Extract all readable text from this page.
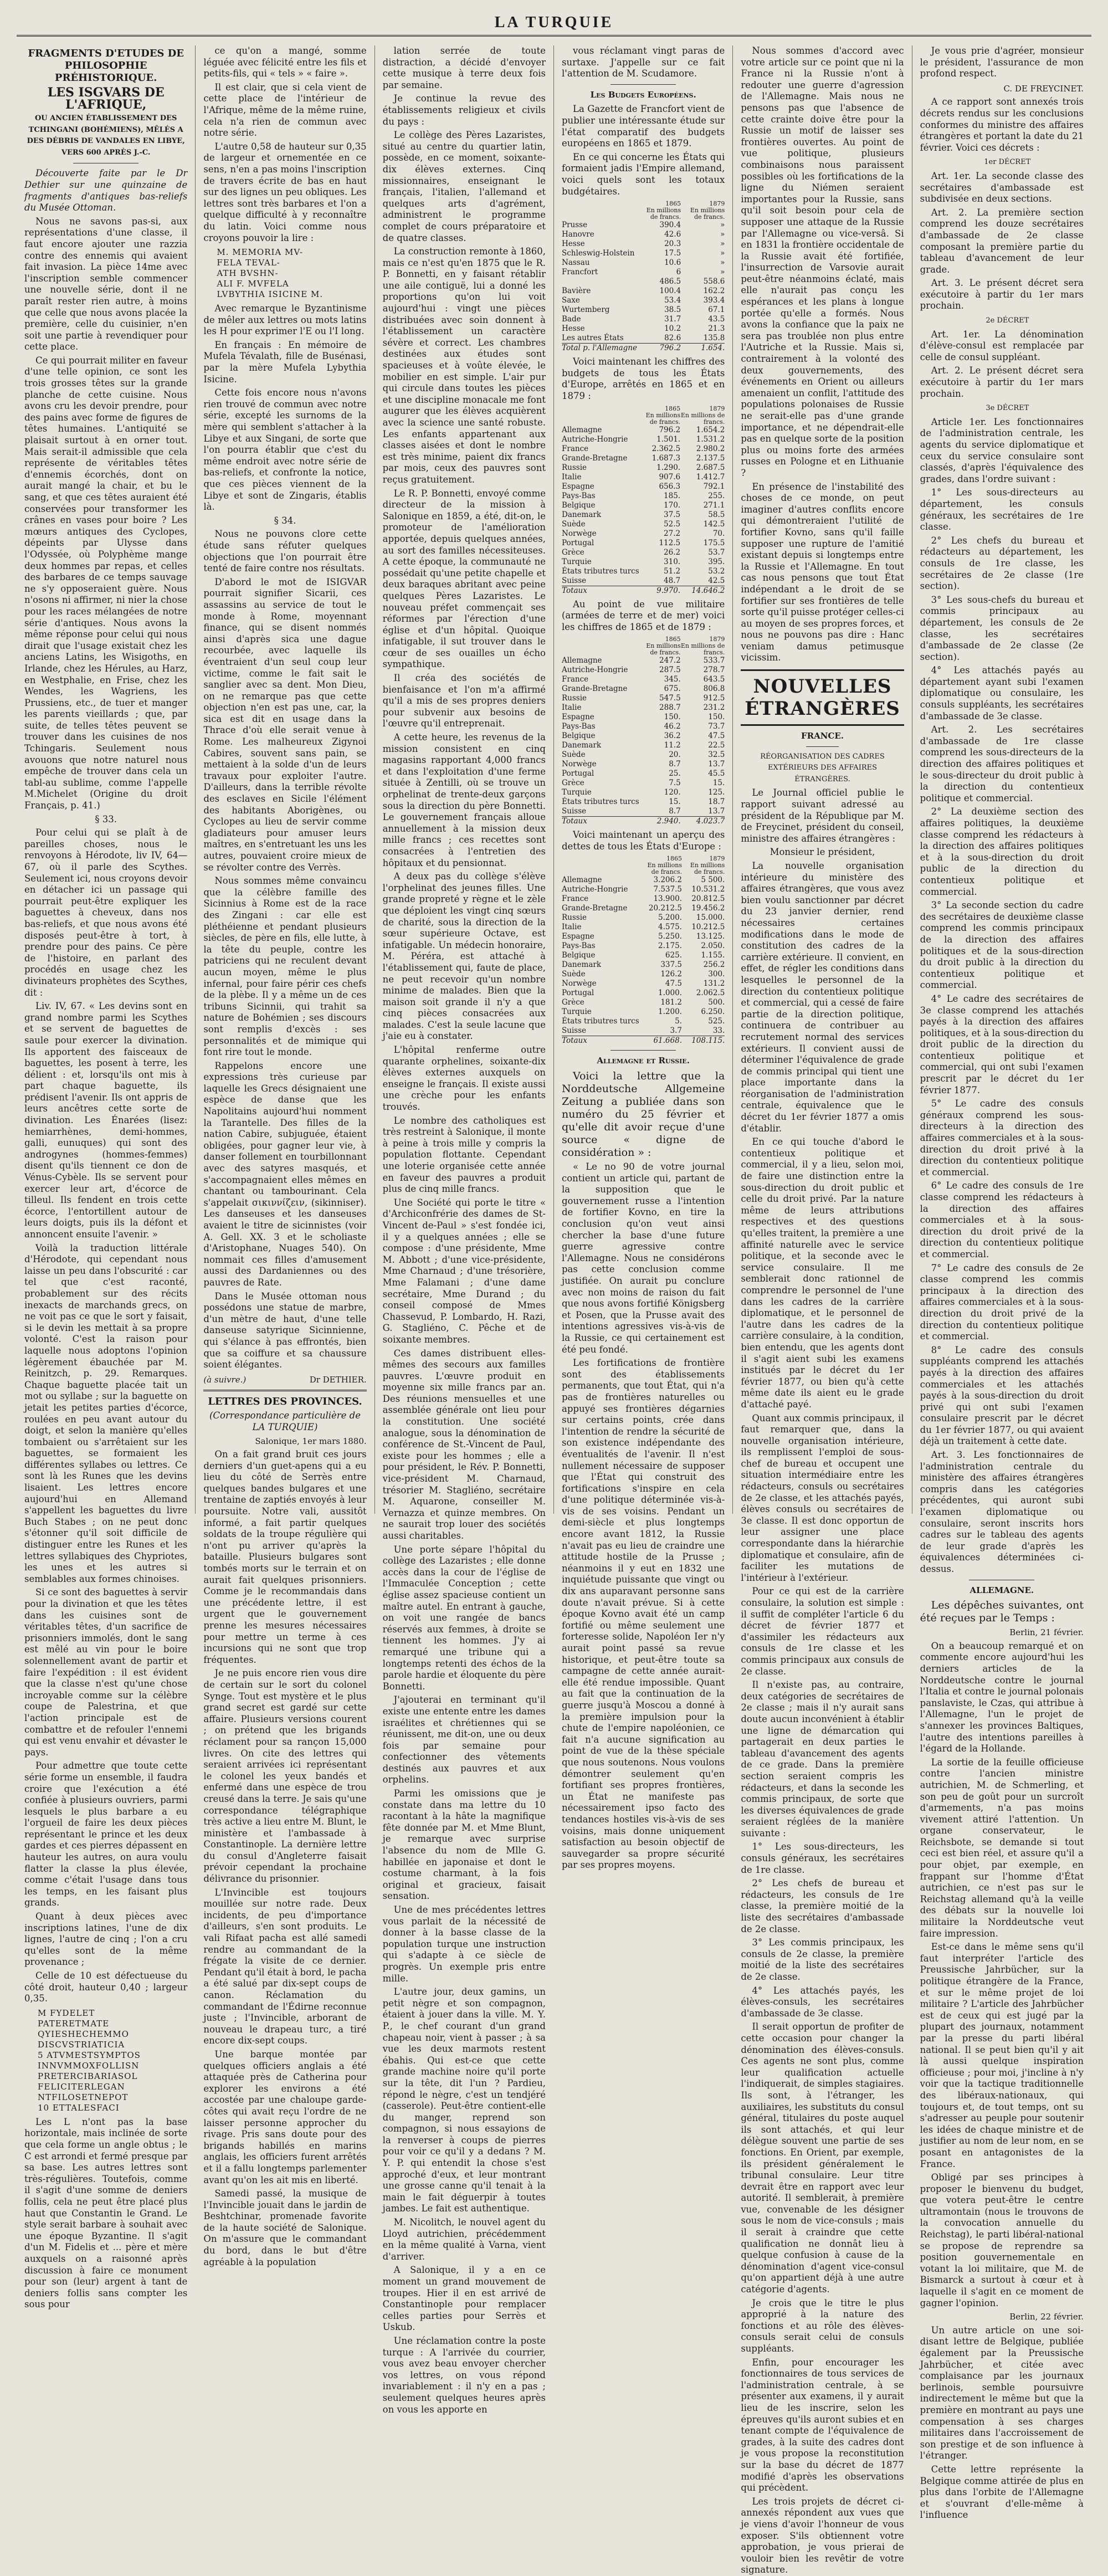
LA TURQUIE
FRAGMENTS D'ETUDES DE PHILOSOPHIE PRÉHISTORIQUE.
LES ISGVARS DE L'AFRIQUE,
OU ANCIEN ÉTABLISSEMENT DES TCHINGANI (BOHÉMIENS), MÊLÉS A DES DÉBRIS DE VANDALES EN LIBYE, VERS 600 APRÈS J.-C.

Découverte faite par le Dr Dethier sur une quinzaine de fragments d'antiques bas-reliefs du Musée Ottoman.

Nous ne savons pas-si, aux représentations d'une classe, il faut encore ajouter une razzia contre des ennemis qui avaient fait invasion. La pièce 14me avec l'inscription semble commencer une nouvelle série, dont il ne paraît rester rien autre, à moins que celle que nous avons placée la première, celle du cuisinier, n'en soit une partie à revendiquer pour cette place.

Ce qui pourrait militer en faveur d'une telle opinion, ce sont les trois grosses têtes sur la grande planche de cette cuisine. Nous avons cru les devoir prendre, pour des pains avec forme de figures de têtes humaines. L'antiquité se plaisait surtout à en orner tout. Mais serait-il admissible que cela représente de véritables têtes d'ennemis écorchés, dont on aurait mangé la chair, et bu le sang, et que ces têtes auraient été conservées pour transformer les crânes en vases pour boire ? Les mœurs antiques des Cyclopes, dépeints par Ulysse dans l'Odyssée, où Polyphème mange deux hommes par repas, et celles des barbares de ce temps sauvage ne s'y opposeraient guère. Nous n'osons ni affirmer, ni nier la chose pour les races mélangées de notre série d'antiques. Nous avons la même réponse pour celui qui nous dirait que l'usage existait chez les anciens Latins, les Wisigoths, en Irlande, chez les Hérules, au Harz, en Westphalie, en Frise, chez les Wendes, les Wagriens, les Prussiens, etc., de tuer et manger les parents vieillards ; que, par suite, de telles têtes peuvent se trouver dans les cuisines de nos Tchingaris. Seulement nous avouons que notre naturel nous empêche de trouver dans cela un tabl-au sublime, comme l'appelle M.Michelet (Origine du droit Français, p. 41.)

§ 33.

Pour celui qui se plaît à de pareilles choses, nous le renvoyons à Hérodote, liv IV, 64—67, où il parle des Scythes. Seulement ici, nous croyons devoir en détacher ici un passage qui pourrait peut-être expliquer les baguettes à cheveux, dans nos bas-reliefs, et que nous avons été disposés peut-être à tort, à prendre pour des pains. Ce père de l'histoire, en parlant des procédés en usage chez les divinateurs prophètes des Scythes, dit :

Liv. IV, 67. « Les devins sont en grand nombre parmi les Scythes et se servent de baguettes de saule pour exercer la divination. Ils apportent des faisceaux de baguettes, les posent à terre, les délient : et, lorsqu'ils ont mis à part chaque baguette, ils prédisent l'avenir. Ils ont appris de leurs ancêtres cette sorte de divination. Les Énarées (lisez: hemiarrhènes, demi-hommes, galli, eunuques) qui sont des androgynes (hommes-femmes) disent qu'ils tiennent ce don de Vénus-Cybèle. Ils se servent pour exercer leur art, d'écorce de tilleul. Ils fendent en trois cette écorce, l'entortillent autour de leurs doigts, puis ils la défont et annoncent ensuite l'avenir. »

Voilà la traduction littérale d'Hérodote, qui cependant nous laisse un peu dans l'obscurité : car tel que c'est raconté, probablement sur des récits inexacts de marchands grecs, on ne voit pas ce que le sort y faisait, si le devin les mettait à sa propre volonté. C'est la raison pour laquelle nous adoptons l'opinion légèrement ébauchée par M. Reinitzch, p. 29. Remarques. Chaque baguette placée tait un mot ou syllabe ; sur la baguette on jetait les petites parties d'écorce, roulées en peu avant autour du doigt, et selon la manière qu'elles tombaient ou s'arrêtaient sur les baguettes, se formaient les différentes syllabes ou lettres. Ce sont là les Runes que les devins lisaient. Les lettres encore aujourd'hui en Allemand s'appellent les baguettes du livre Buch Stabes ; on ne peut donc s'étonner qu'il soit difficile de distinguer entre les Runes et les lettres syllabiques des Chypriotes, les unes et les autres si semblables aux formes chinoises.

Si ce sont des baguettes à servir pour la divination et que les têtes dans les cuisines sont de véritables têtes, d'un sacrifice de prisonniers immolés, dont le sang est mêlé au vin pour le boire solennellement avant de partir et faire l'expédition : il est évident que la classe n'est qu'une chose incroyable comme sur la célèbre coupe de Palestrina, et que l'action principale est de combattre et de refouler l'ennemi qui est venu envahir et dévaster le pays.

Pour admettre que toute cette série forme un ensemble, il faudra croire que l'exécution a été confiée à plusieurs ouvriers, parmi lesquels le plus barbare a eu l'orgueil de faire les deux pièces représentant le prince et les deux gardes et ces pierres dépassent en hauteur les autres, on aura voulu flatter la classe la plus élevée, comme c'était l'usage dans tous les temps, en les faisant plus grands.

Quant à deux pièces avec inscriptions latines, l'une de dix lignes, l'autre de cinq ; l'on a cru qu'elles sont de la même provenance ;

Celle de 10 est défectueuse du côté droit, hauteur 0,40 ; largeur 0,35.

M FYDELET
PATERETMATE
QYIESHECHEMMO
DISCVSTRIATICIA
5 ATVMESTSYMPTOS
INNVMMOXFOLLISN
PRETERCIBARIASOL
FELICITERLEGAN
NTFILOSETNEPOT
10 ETTALESFACI

Les L n'ont pas la base horizontale, mais inclinée de sorte que cela forme un angle obtus ; le C est arrondi et fermé presque par sa base. Les autres lettres sont très-régulières. Toutefois, comme il s'agit d'une somme de deniers follis, cela ne peut être placé plus haut que Constantin le Grand. Le style serait barbare à souhait avec une époque Byzantine. Il s'agit d'un M. Fidelis et ... père et mère auxquels on a raisonné après discussion à faire ce monument pour son (leur) argent à tant de deniers follis sans compter les sous pour

ce qu'on a mangé, somme léguée avec félicité entre les fils et petits-fils, qui « tels » « faire ».

Il est clair, que si cela vient de cette place de l'intérieur de l'Afrique, même de la même ruine, cela n'a rien de commun avec notre série.

L'autre 0,58 de hauteur sur 0,35 de largeur et ornementée en ce sens, n'en a pas moins l'inscription de travers écrite de bas en haut sur des lignes un peu obliques. Les lettres sont très barbares et l'on a quelque difficulté à y reconnaître du latin. Voici comme nous croyons pouvoir la lire :

M. MEMORIA MV-
FELA TEVAL-
ATH BVSHN-
ALI F. MVFELA
LVBYTHIA ISICINE M.

Avec remarque le Byzantinisme de mêler aux lettres ou mots latins les H pour exprimer l'E ou l'I long.

En français : En mémoire de Mufela Tévalath, fille de Busénasi, par la mère Mufela Lybythia Isicine.

Cette fois encore nous n'avons rien trouvé de commun avec notre série, excepté les surnoms de la mère qui semblent s'attacher à la Libye et aux Singani, de sorte que l'on pourra établir que c'est du même endroit avec notre série de bas-reliefs, et confronte la notice, que ces pièces viennent de la Libye et sont de Zingaris, établis là.

§ 34.

Nous ne pouvons clore cette étude sans réfuter quelques objections que l'on pourrait être tenté de faire contre nos résultats.

D'abord le mot de ISIGVAR pourrait signifier Sicarii, ces assassins au service de tout le monde à Rome, moyennant finance, qui se disent nommés ainsi d'après sica une dague recourbée, avec laquelle ils éventraient d'un seul coup leur victime, comme le fait sait le sanglier avec sa dent. Mon Dieu, on ne remarque pas que cette objection n'en est pas une, car, la sica est dit en usage dans la Thrace d'où elle serait venue à Rome. Les malheureux Zigynoi Cabires, souvent sans pain, se mettaient à la solde d'un de leurs travaux pour exploiter l'autre. D'ailleurs, dans la terrible révolte des esclaves en Sicile l'élément des habitants Aborigènes, ou Cyclopes au lieu de servir comme gladiateurs pour amuser leurs maîtres, en s'entretuant les uns les autres, pouvaient croire mieux de se révolter contre des Verrès.

Nous sommes même convaincu que la célèbre famille des Sicinnius à Rome est de la race des Zingani : car elle est pléthéienne et pendant plusieurs siècles, de père en fils, elle lutte, à la tête du peuple, contre les patriciens qui ne reculent devant aucun moyen, même le plus infernal, pour faire périr ces chefs de la plèbe. Il y a même un de ces tribuns Sicinnii, qui trahit sa nature de Bohémien ; ses discours sont remplis d'excès : ses personnalités et de mimique qui font rire tout le monde.

Rappelons encore une expressions très curieuse par laquelle les Grecs désignaient une espèce de danse que les Napolitains aujourd'hui nomment la Tarantelle. Des filles de la nation Cabire, subjuguée, étaient obligées, pour gagner leur vie, à danser follement en tourbillonnant avec des satyres masqués, et s'accompagnaient elles mêmes en chantant ou tambourinant. Cela s'appelait σικιννίζειν, (sikinniser). Les danseuses et les danseuses avaient le titre de sicinnistes (voir A. Gell. XX. 3 et le scholiaste d'Aristophane, Nuages 540). On nommait ces filles d'amusement aussi des Dardaniennes ou des pauvres de Rate.

Dans le Musée ottoman nous possédons une statue de marbre, d'un mètre de haut, d'une telle danseuse satyrique Sicinnienne, qui s'élance à pas effrontés, bien que sa coiffure et sa chaussure soient élégantes.

(à suivre.)	Dr DETHIER.
LETTRES DES PROVINCES.

(Correspondance particulière de LA TURQUIE)

Salonique, 1er mars 1880.

On a fait grand bruit ces jours derniers d'un guet-apens qui a eu lieu du côté de Serrès entre quelques bandes bulgares et une trentaine de zaptiés envoyés à leur poursuite. Notre vali, aussitôt informé, a fait partir quelques soldats de la troupe régulière qui n'ont pu arriver qu'après la bataille. Plusieurs bulgares sont tombés morts sur le terrain et on aurait fait quelques prisonniers. Comme je le recommandais dans une précédente lettre, il est urgent que le gouvernement prenne les mesures nécessaires pour mettre un terme à ces incursions qui ne sont que trop fréquentes.

Je ne puis encore rien vous dire de certain sur le sort du colonel Synge. Tout est mystère et le plus grand secret est gardé sur cette affaire. Plusieurs versions courent ; on prétend que les brigands réclament pour sa rançon 15,000 livres. On cite des lettres qui seraient arrivées ici représentant le colonel les yeux bandés et enfermé dans une espèce de trou creusé dans la terre. Je sais qu'une correspondance télégraphique très active a lieu entre M. Blunt, le ministère et l'ambassade à Constantinople. La dernière lettre du consul d'Angleterre faisait prévoir cependant la prochaine délivrance du prisonnier.

L'Invincible est toujours mouillée sur notre rade. Deux incidents, de peu d'importance d'ailleurs, s'en sont produits. Le vali Rifaat pacha est allé samedi rendre au commandant de la frégate la visite de ce dernier. Pendant qu'il était à bord, le pacha a été salué par dix-sept coups de canon. Réclamation du commandant de l'Édirne reconnue juste ; l'Invincible, arborant de nouveau le drapeau turc, a tiré encore dix-sept coups.

Une barque montée par quelques officiers anglais a été attaquée près de Catherina pour explorer les environs a été accostée par une chaloupe garde-côtes qui avait reçu l'ordre de ne laisser personne approcher du rivage. Pris sans doute pour des brigands habillés en marins anglais, les officiers furent arrêtés et il a fallu longtemps parlementer avant qu'on les ait mis en liberté.

Samedi passé, la musique de l'Invincible jouait dans le jardin de Beshtchinar, promenade favorite de la haute société de Salonique. On m'assure que le commandant du bord, dans le but d'être agréable à la population

lation serrée de toute distraction, a décidé d'envoyer cette musique à terre deux fois par semaine.

Je continue la revue des établissements religieux et civils du pays :

Le collège des Pères Lazaristes, situé au centre du quartier latin, possède, en ce moment, soixante-dix élèves externes. Cinq missionnaires, enseignant le français, l'italien, l'allemand et quelques arts d'agrément, administrent le programme complet de cours préparatoire et de quatre classes.

La construction remonte à 1860, mais ce n'est qu'en 1875 que le R. P. Bonnetti, en y faisant rétablir une aile contiguë, lui a donné les proportions qu'on lui voit aujourd'hui : vingt une pièces distribuées avec soin donnent à l'établissement un caractère sévère et correct. Les chambres destinées aux études sont spacieuses et à voûte élevée, le mobilier en est simple. L'air pur qui circule dans toutes les pièces et une discipline monacale me font augurer que les élèves acquièrent avec la science une santé robuste. Les enfants appartenant aux classes aisées et dont le nombre est très minime, paient dix francs par mois, ceux des pauvres sont reçus gratuitement.

Le R. P. Bonnetti, envoyé comme directeur de la mission à Salonique en 1859, a été, dit-on, le promoteur de l'amélioration apportée, depuis quelques années, au sort des familles nécessiteuses. A cette époque, la communauté ne possédait qu'une petite chapelle et deux baraques abritant avec peine quelques Pères Lazaristes. Le nouveau préfet commençait ses réformes par l'érection d'une église et d'un hôpital. Quoique infatigable, il sut trouver dans le cœur de ses ouailles un écho sympathique.

Il créa des sociétés de bienfaisance et l'on m'a affirmé qu'il a mis de ses propres deniers pour subvenir aux besoins de l'œuvre qu'il entreprenait.

A cette heure, les revenus de la mission consistent en cinq magasins rapportant 4,000 francs et dans l'exploitation d'une ferme située à Zentilli, où se trouve un orphelinat de trente-deux garçons sous la direction du père Bonnetti. Le gouvernement français alloue annuellement à la mission deux mille francs ; ces recettes sont consacrées à l'entretien des hôpitaux et du pensionnat.

A deux pas du collège s'élève l'orphelinat des jeunes filles. Une grande propreté y règne et le zèle que déploient les vingt cinq sœurs de charité, sous la direction de la sœur supérieure Octave, est infatigable. Un médecin honoraire, M. Péréra, est attaché à l'établissement qui, faute de place, ne peut recevoir qu'un nombre minime de malades. Bien que la maison soit grande il n'y a que cinq pièces consacrées aux malades. C'est la seule lacune que j'aie eu à constater.

L'hôpital renferme outre quarante orphelines, soixante-dix élèves externes auxquels on enseigne le français. Il existe aussi une crèche pour les enfants trouvés.

Le nombre des catholiques est très restreint à Salonique, il monte à peine à trois mille y compris la population flottante. Cependant une loterie organisée cette année en faveur des pauvres a produit plus de cinq mille francs.

Une Société qui porte le titre « d'Archiconfrérie des dames de St-Vincent de-Paul » s'est fondée ici, il y a quelques années ; elle se compose : d'une présidente, Mme M. Abbott ; d'une vice-présidente, Mme Charnaud ; d'une trésorière, Mme Falamani ; d'une dame secrétaire, Mme Durand ; du conseil composé de Mmes Chassevud, P. Lombardo, H. Razi, G. Stagliéno, C. Pêche et de soixante membres.

Ces dames distribuent elles-mêmes des secours aux familles pauvres. L'œuvre produit en moyenne six mille francs par an. Des réunions mensuelles et une assemblée générale ont lieu pour la constitution. Une société analogue, sous la dénomination de conférence de St.-Vincent de Paul, existe pour les hommes ; elle a pour président, le Rév. P. Bonnetti, vice-président M. Charnaud, trésorier M. Stagliéno, secrétaire M. Aquarone, conseiller M. Vernazza et quinze membres. On ne saurait trop louer des sociétés aussi charitables.

Une porte sépare l'hôpital du collège des Lazaristes ; elle donne accès dans la cour de l'église de l'Immaculée Conception ; cette église assez spacieuse contient un maître autel. En entrant à gauche, on voit une rangée de bancs réservés aux femmes, à droite se tiennent les hommes. J'y ai remarqué une tribune qui a longtemps retenti des échos de la parole hardie et éloquente du père Bonnetti.

J'ajouterai en terminant qu'il existe une entente entre les dames israélites et chrétiennes qui se réunissent, me dit-on, une ou deux fois par semaine pour confectionner des vêtements destinés aux pauvres et aux orphelins.

Parmi les omissions que je constate dans ma lettre du 10 racontant à la hâte la magnifique fête donnée par M. et Mme Blunt, je remarque avec surprise l'absence du nom de Mlle G. habillée en japonaise et dont le costume charmant, à la fois original et gracieux, faisait sensation.

Une de mes précédentes lettres vous parlait de la nécessité de donner à la basse classe de la population turque une instruction qui s'adapte à ce siècle de progrès. Un exemple pris entre mille.

L'autre jour, deux gamins, un petit nègre et son compagnon, étaient à jouer dans la ville. M. Y. P., le chef courant d'un grand chapeau noir, vient à passer ; à sa vue les deux marmots restent ébahis. Qui est-ce que cette grande machine noire qu'il porte sur la tête, dit l'un ? Pardieu, répond le nègre, c'est un tendjéré (casserole). Peut-être contient-elle du manger, reprend son compagnon, si nous essayions de la renverser à coups de pierres pour voir ce qu'il y a dedans ? M. Y. P. qui entendit la chose s'est approché d'eux, et leur montrant une grosse canne qu'il tenait à la main le fait déguerpir à toutes jambes. Le fait est authentique.

M. Nicolitch, le nouvel agent du Lloyd autrichien, précédemment en la même qualité à Varna, vient d'arriver.

A Salonique, il y a en ce moment un grand mouvement de troupes. Hier il en est arrivé de Constantinople pour remplacer celles parties pour Serrès et Uskub.

Une réclamation contre la poste turque : A l'arrivée du courrier, vous avez beau envoyer chercher vos lettres, on vous répond invariablement : il n'y en a pas ; seulement quelques heures après on vous les apporte en

vous réclamant vingt paras de surtaxe. J'appelle sur ce fait l'attention de M. Scudamore.

Les Budgets Européens.

La Gazette de Francfort vient de publier une intéressante étude sur l'état comparatif des budgets européens en 1865 et 1879.

En ce qui concerne les États qui formaient jadis l'Empire allemand, voici quels sont les totaux budgétaires.

	1865
En millions de francs.	1879
En millions de francs.
Prusse	390.4	»
Hanovre	42.6	»
Hesse	20.3	»
Schleswig-Holstein	17.5	»
Nassau	10.6	»
Francfort	6	»
	486.5	558.6
Bavière	100.4	162.2
Saxe	53.4	393.4
Wurtemberg	38.5	67.1
Bade	31.7	43.5
Hesse	10.2	21.3
Les autres États	82.6	135.8
Total p. l'Allemagne	796.2	1.654.

Voici maintenant les chiffres des budgets de tous les États d'Europe, arrêtés en 1865 et en 1879 :

	1865
En millions de francs.	1879
En millions de francs.
Allemagne	796.2	1.654.2
Autriche-Hongrie	1.501.	1.531.2
France	2.362.5	2.980.2
Grande-Bretagne	1.687.3	2.137.5
Russie	1.290.	2.687.5
Italie	907.6	1.412.7
Espagne	656.3	792.1
Pays-Bas	185.	255.
Belgique	170.	271.1
Danemark	37.5	58.5
Suède	52.5	142.5
Norwège	27.2	70.
Portugal	112.5	175.5
Grèce	26.2	53.7
Turquie	310.	395.
États tributres turcs	51.2	53.2
Suisse	48.7	42.5
Totaux	9.970.	14.646.2

Au point de vue militaire (armées de terre et de mer) voici les chiffres de 1865 et de 1879 :

	1865
En millions de francs.	1879
En millions de francs.
Allemagne	247.2	533.7
Autriche-Hongrie	287.5	278.7
France	345.	643.5
Grande-Bretagne	675.	806.8
Russie	547.5	912.5
Italie	288.7	231.2
Espagne	150.	150.
Pays-Bas	46.2	73.7
Belgique	36.2	47.5
Danemark	11.2	22.5
Suède	20.	32.5
Norwège	8.7	13.7
Portugal	25.	45.5
Grèce	7.5	15.
Turquie	120.	125.
États tributres turcs	15.	18.7
Suisse	8.7	13.7
Totaux	2.940.	4.023.7

Voici maintenant un aperçu des dettes de tous les États d'Europe :

	1865
En millions de francs.	1879
En millions de francs.
Allemagne	3.206.2	5 500.
Autriche-Hongrie	7.537.5	10.531.2
France	13.900.	20.812.5
Grande-Bretagne	20.212.5	19.456.2
Russie	5.200.	15.000.
Italie	4.575.	10.212.5
Espagne	5.250.	13.125.
Pays-Bas	2.175.	2.050.
Belgique	625.	1.155.
Danemark	337.5	256.2
Suède	126.2	300.
Norwège	47.5	131.2
Portugal	1.000.	2.062.5
Grèce	181.2	500.
Turquie	1.200.	6.250.
États tributres turcs	5.	525.
Suisse	3.7	33.
Totaux	61.668.	108.115.
Allemagne et Russie.

Voici la lettre que la Norddeutsche Allgemeine Zeitung a publiée dans son numéro du 25 février et qu'elle dit avoir reçue d'une source « digne de considération » :

« Le no 90 de votre journal contient un article qui, partant de la supposition que le gouvernement russe a l'intention de fortifier Kovno, en tire la conclusion qu'on veut ainsi chercher la base d'une future guerre agressive contre l'Allemagne. Nous ne considérons pas cette conclusion comme justifiée. On aurait pu conclure avec non moins de raison du fait que nous avons fortifié Königsberg et Posen, que la Prusse avait des intentions agressives vis-à-vis de la Russie, ce qui certainement est été peu fondé.

Les fortifications de frontière sont des établissements permanents, que tout État, qui n'a pas de frontières naturelles ou appuyé ses frontières dégarnies sur certains points, crée dans l'intention de rendre la sécurité de son existence indépendante des éventualités de l'avenir. Il n'est nullement nécessaire de supposer que l'État qui construit des fortifications s'inspire en cela d'une politique déterminée vis-à-vis de ses voisins. Pendant un demi-siècle et plus longtemps encore avant 1812, la Russie n'avait pas eu lieu de craindre une attitude hostile de la Prusse ; néanmoins il y eut en 1832 une inquiétude puissante que vingt ou dix ans auparavant personne sans doute n'avait prévue. Si à cette époque Kovno avait été un camp fortifié ou même seulement une forteresse solide, Napoléon Ier n'y aurait point passé sa revue historique, et peut-être toute sa campagne de cette année aurait-elle été rendue impossible. Quant au fait que la continuation de la guerre jusqu'à Moscou a donné à la première impulsion pour la chute de l'empire napoléonien, ce fait n'a aucune signification au point de vue de la thèse spéciale que nous soutenons. Nous voulons démontrer seulement qu'en fortifiant ses propres frontières, un État ne manifeste pas nécessairement ipso facto des tendances hostiles vis-à-vis de ses voisins, mais donne uniquement satisfaction au besoin objectif de sauvegarder sa propre sécurité par ses propres moyens.

Nous sommes d'accord avec votre article sur ce point que ni la France ni la Russie n'ont à redouter une guerre d'agression de l'Allemagne. Mais nous ne pensons pas que l'absence de cette crainte doive être pour la Russie un motif de laisser ses frontières ouvertes. Au point de vue politique, plusieurs combinaisons nous paraissent possibles où les fortifications de la ligne du Niémen seraient importantes pour la Russie, sans qu'il soit besoin pour cela de supposer une attaque de la Russie par l'Allemagne ou vice-versâ. Si en 1831 la frontière occidentale de la Russie avait été fortifiée, l'insurrection de Varsovie aurait peut-être néanmoins éclaté, mais elle n'aurait pas conçu les espérances et les plans à longue portée qu'elle a formés. Nous avons la confiance que la paix ne sera pas troublée non plus entre l'Autriche et la Russie. Mais si, contrairement à la volonté des deux gouvernements, des événements en Orient ou ailleurs amenaient un conflit, l'attitude des populations polonaises de Russie ne serait-elle pas d'une grande importance, et ne dépendrait-elle pas en quelque sorte de la position plus ou moins forte des armées russes en Pologne et en Lithuanie ?

En présence de l'instabilité des choses de ce monde, on peut imaginer d'autres conflits encore qui démontreraient l'utilité de fortifier Kovno, sans qu'il faille supposer une rupture de l'amitié existant depuis si longtemps entre la Russie et l'Allemagne. En tout cas nous pensons que tout État indépendant a le droit de se fortifier sur ses frontières de telle sorte qu'il puisse protéger celles-ci au moyen de ses propres forces, et nous ne pouvons pas dire : Hanc veniam damus petimusque vicissim.

NOUVELLES ÉTRANGÈRES
FRANCE.

RÉORGANISATION DES CADRES EXTÉRIEURS DES AFFAIRES ÉTRANGÈRES.

Le Journal officiel publie le rapport suivant adressé au président de la République par M. de Freycinet, président du conseil, ministre des affaires étrangères :

Monsieur le président,

La nouvelle organisation intérieure du ministère des affaires étrangères, que vous avez bien voulu sanctionner par décret du 23 janvier dernier, rend nécessaires certaines modifications dans le mode de constitution des cadres de la carrière extérieure. Il convient, en effet, de régler les conditions dans lesquelles le personnel de la direction du contentieux politique et commercial, qui a cessé de faire partie de la direction politique, continuera de contribuer au recrutement normal des services extérieurs. Il convient aussi de déterminer l'équivalence de grade de commis principal qui tient une place importante dans la réorganisation de l'administration centrale, équivalence que le décret du 1er février 1877 a omis d'établir.

En ce qui touche d'abord le contentieux politique et commercial, il y a lieu, selon moi, de faire une distinction entre la sous-direction du droit public et celle du droit privé. Par la nature même de leurs attributions respectives et des questions qu'elles traitent, la première a une affinité naturelle avec le service politique, et la seconde avec le service consulaire. Il me semblerait donc rationnel de comprendre le personnel de l'une dans les cadres de la carrière diplomatique, et le personnel de l'autre dans les cadres de la carrière consulaire, à la condition, bien entendu, que les agents dont il s'agit aient subi les examens institués par le décret du 1er février 1877, ou bien qu'à cette même date ils aient eu le grade d'attaché payé.

Quant aux commis principaux, il faut remarquer que, dans la nouvelle organisation intérieure, ils remplissent l'emploi de sous-chef de bureau et occupent une situation intermédiaire entre les rédacteurs, consuls ou secrétaires de 2e classe, et les attachés payés, élèves consuls ou secrétaires de 3e classe. Il est donc opportun de leur assigner une place correspondante dans la hiérarchie diplomatique et consulaire, afin de faciliter les mutations de l'intérieur à l'extérieur.

Pour ce qui est de la carrière consulaire, la solution est simple : il suffit de compléter l'article 6 du décret de février 1877 et d'assimiler les rédacteurs aux consuls de 1re classe et les commis principaux aux consuls de 2e classe.

Il n'existe pas, au contraire, deux catégories de secrétaires de 2e classe ; mais il n'y aurait sans doute aucun inconvénient à établir une ligne de démarcation qui partagerait en deux parties le tableau d'avancement des agents de ce grade. Dans la première section seraient compris les rédacteurs, et dans la seconde les commis principaux, de sorte que les diverses équivalences de grade seraient réglées de la manière suivante :

1° Les sous-directeurs, les consuls généraux, les secrétaires de 1re classe.

2° Les chefs de bureau et rédacteurs, les consuls de 1re classe, la première moitié de la liste des secrétaires d'ambassade de 2e classe.

3° Les commis principaux, les consuls de 2e classe, la première moitié de la liste des secrétaires de 2e classe.

4° Les attachés payés, les élèves-consuls, les secrétaires d'ambassade de 3e classe.

Il serait opportun de profiter de cette occasion pour changer la dénomination des élèves-consuls. Ces agents ne sont plus, comme leur qualification actuelle l'indiquerait, de simples stagiaires. Ils sont, à l'étranger, les auxiliaires, les substituts du consul général, titulaires du poste auquel ils sont attachés, et qui leur délègue souvent une partie de ses fonctions. En Orient, par exemple, ils président généralement le tribunal consulaire. Leur titre devrait être en rapport avec leur autorité. Il semblerait, à première vue, convenable de les désigner sous le nom de vice-consuls ; mais il serait à craindre que cette qualification ne donnât lieu à quelque confusion à cause de la dénomination d'agent vice-consul qu'on appartient déjà à une autre catégorie d'agents.

Je crois que le titre le plus approprié à la nature des fonctions et au rôle des élèves-consuls serait celui de consuls suppléants.

Enfin, pour encourager les fonctionnaires de tous services de l'administration centrale, à se présenter aux examens, il y aurait lieu de les inscrire, selon les épreuves qu'ils auront subies et en tenant compte de l'équivalence de grades, à la suite des cadres dont je vous propose la reconstitution sur la base du décret de 1877 modifié d'après les observations qui précèdent.

Les trois projets de décret ci-annexés répondent aux vues que je viens d'avoir l'honneur de vous exposer. S'ils obtiennent votre approbation, je vous prierai de vouloir bien les revêtir de votre signature.

Je vous prie d'agréer, monsieur le président, l'assurance de mon profond respect.

C. DE FREYCINET.

A ce rapport sont annexés trois décrets rendus sur les conclusions conformes du ministre des affaires étrangères et portant la date du 21 février. Voici ces décrets :

1er DÉCRET

Art. 1er. La seconde classe des secrétaires d'ambassade est subdivisée en deux sections.

Art. 2. La première section comprend les douze secrétaires d'ambassade de 2e classe composant la première partie du tableau d'avancement de leur grade.

Art. 3. Le présent décret sera exécutoire à partir du 1er mars prochain.

2e DÉCRET

Art. 1er. La dénomination d'élève-consul est remplacée par celle de consul suppléant.

Art. 2. Le présent décret sera exécutoire à partir du 1er mars prochain.

3e DÉCRET

Article 1er. Les fonctionnaires de l'administration centrale, les agents du service diplomatique et ceux du service consulaire sont classés, d'après l'équivalence des grades, dans l'ordre suivant :

1° Les sous-directeurs au département, les consuls généraux, les secrétaires de 1re classe.

2° Les chefs du bureau et rédacteurs au département, les consuls de 1re classe, les secrétaires de 2e classe (1re section).

3° Les sous-chefs du bureau et commis principaux au département, les consuls de 2e classe, les secrétaires d'ambassade de 2e classe (2e section).

4° Les attachés payés au département ayant subi l'examen diplomatique ou consulaire, les consuls suppléants, les secrétaires d'ambassade de 3e classe.

Art. 2. Les secrétaires d'ambassade de 1re classe comprend les sous-directeurs de la direction des affaires politiques et le sous-directeur du droit public à la direction du contentieux politique et commercial.

2° La deuxième section des affaires politiques, la deuxième classe comprend les rédacteurs à la direction des affaires politiques et à la sous-direction du droit public de la direction du contentieux politique et commercial.

3° La seconde section du cadre des secrétaires de deuxième classe comprend les commis principaux de la direction des affaires politiques et de la sous-direction du droit public à la direction du contentieux politique et commercial.

4° Le cadre des secrétaires de 3e classe comprend les attachés payés à la direction des affaires politiques, et à la sous-direction du droit public de la direction du contentieux politique et commercial, qui ont subi l'examen prescrit par le décret du 1er février 1877.

5° Le cadre des consuls généraux comprend les sous-directeurs à la direction des affaires commerciales et à la sous-direction du droit privé à la direction du contentieux politique et commercial.

6° Le cadre des consuls de 1re classe comprend les rédacteurs à la direction des affaires commerciales et à la sous-direction du droit privé de la direction du contentieux politique et commercial.

7° Le cadre des consuls de 2e classe comprend les commis principaux à la direction des affaires commerciales et à la sous-direction du droit privé de la direction du contentieux politique et commercial.

8° Le cadre des consuls suppléants comprend les attachés payés à la direction des affaires commerciales et les attachés payés à la sous-direction du droit privé qui ont subi l'examen consulaire prescrit par le décret du 1er février 1877, ou qui avaient déjà un traitement à cette date.

Art. 3. Les fonctionnaires de l'administration centrale du ministère des affaires étrangères compris dans les catégories précédentes, qui auront subi l'examen diplomatique ou consulaire, seront inscrits hors cadres sur le tableau des agents de leur grade d'après les équivalences déterminées ci-dessus.

ALLEMAGNE.

Les dépêches suivantes, ont été reçues par le Temps :

Berlin, 21 février.

On a beaucoup remarqué et on commente encore aujourd'hui les derniers articles de la Norddeutsche contre le journal l'Italia et contre le journal polonais panslaviste, le Czas, qui attribue à l'Allemagne, l'un le projet de s'annexer les provinces Baltiques, l'autre des intentions pareilles à l'égard de la Hollande.

La sortie de la feuille officieuse contre l'ancien ministre autrichien, M. de Schmerling, et son peu de goût pour un surcroît d'armements, n'a pas moins vivement attiré l'attention. Un organe conservateur, le Reichsbote, se demande si tout ceci est bien réel, et assure qu'il a pour objet, par exemple, en frappant sur l'homme d'État autrichien, ce n'est pas sur le Reichstag allemand qu'à la veille des débats sur la nouvelle loi militaire la Norddeutsche veut faire impression.

Est-ce dans le même sens qu'il faut interpréter l'article des Preussische Jahrbücher, sur la politique étrangère de la France, et sur le même projet de loi militaire ? L'article des Jahrbücher est de ceux qui est jugé par la plupart des journaux, notamment par la presse du parti libéral national. Il se peut bien qu'il y ait là aussi quelque inspiration officieuse ; pour moi, j'incline à n'y voir que la tactique traditionnelle des libéraux-nationaux, qui toujours et, de tout temps, ont su s'adresser au peuple pour soutenir les idées de chaque ministre et de justifier au nom de leur nom, en se posant en antagonistes de la France.

Obligé par ses principes à proposer le bienvenu du budget, que votera peut-être le centre ultramontain (nous le trouvons de la convocation annuelle du Reichstag), le parti libéral-national se propose de reprendre sa position gouvernementale en votant la loi militaire, que M. de Bismarck a surtout à cœur et à laquelle il s'agit en ce moment de gagner l'opinion.

Berlin, 22 février.

Un autre article on une soi-disant lettre de Belgique, publiée également par la Preussische Jahrbücher, et citée avec complaisance par les journaux berlinois, semble poursuivre indirectement le même but que la première en montrant au pays une compensation à ses charges militaires dans l'accroissement de son prestige et de son influence à l'étranger.

Cette lettre représente la Belgique comme attirée de plus en plus dans l'orbite de l'Allemagne et s'ouvrant d'elle-même à l'influence
